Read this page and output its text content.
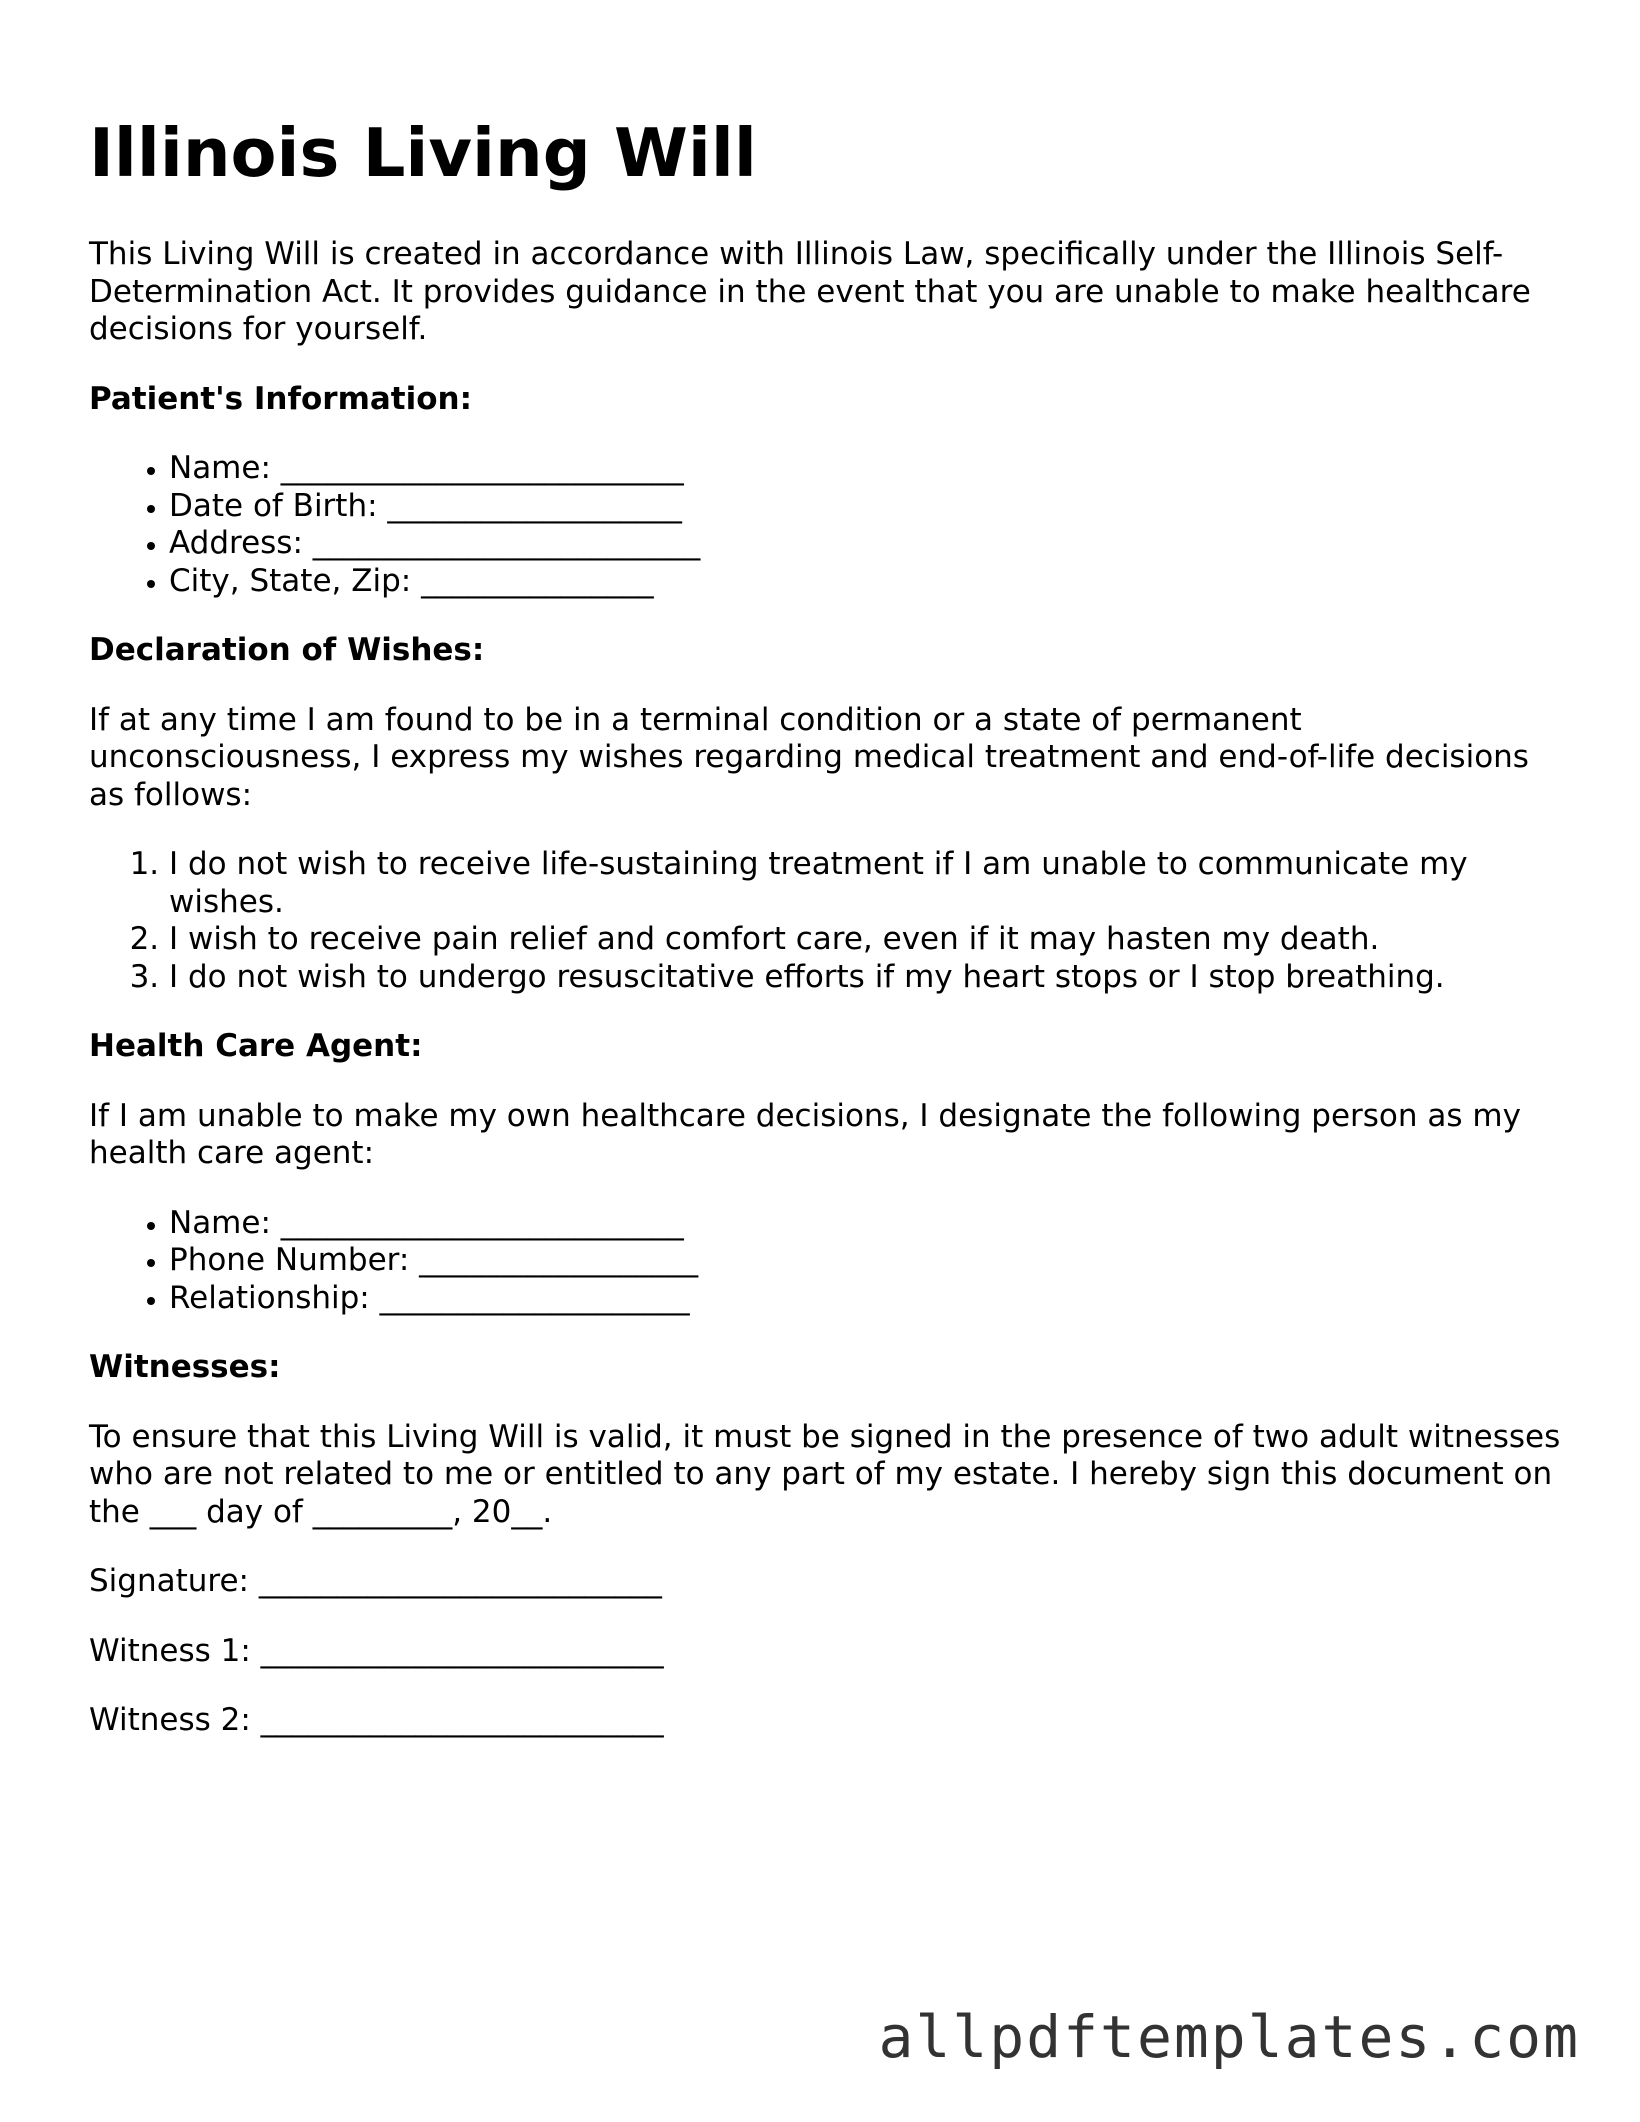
Illinois Living Will

This Living Will is created in accordance with Illinois Law, specifically under the Illinois Self-Determination Act. It provides guidance in the event that you are unable to make healthcare decisions for yourself.

Patient's Information:
• Name: __________________________
• Date of Birth: ___________________
• Address: _________________________
• City, State, Zip: _______________
Declaration of Wishes:

If at any time I am found to be in a terminal condition or a state of permanent unconsciousness, I express my wishes regarding medical treatment and end-of-life decisions as follows:

1. I do not wish to receive life-sustaining treatment if I am unable to communicate my wishes.
2. I wish to receive pain relief and comfort care, even if it may hasten my death.
3. I do not wish to undergo resuscitative efforts if my heart stops or I stop breathing.
Health Care Agent:

If I am unable to make my own healthcare decisions, I designate the following person as my health care agent:

• Name: __________________________
• Phone Number: __________________
• Relationship: ____________________
Witnesses:

To ensure that this Living Will is valid, it must be signed in the presence of two adult witnesses who are not related to me or entitled to any part of my estate. I hereby sign this document on the ___ day of _________, 20__.

Signature: __________________________

Witness 1: __________________________

Witness 2: __________________________

allpdftemplates.com
